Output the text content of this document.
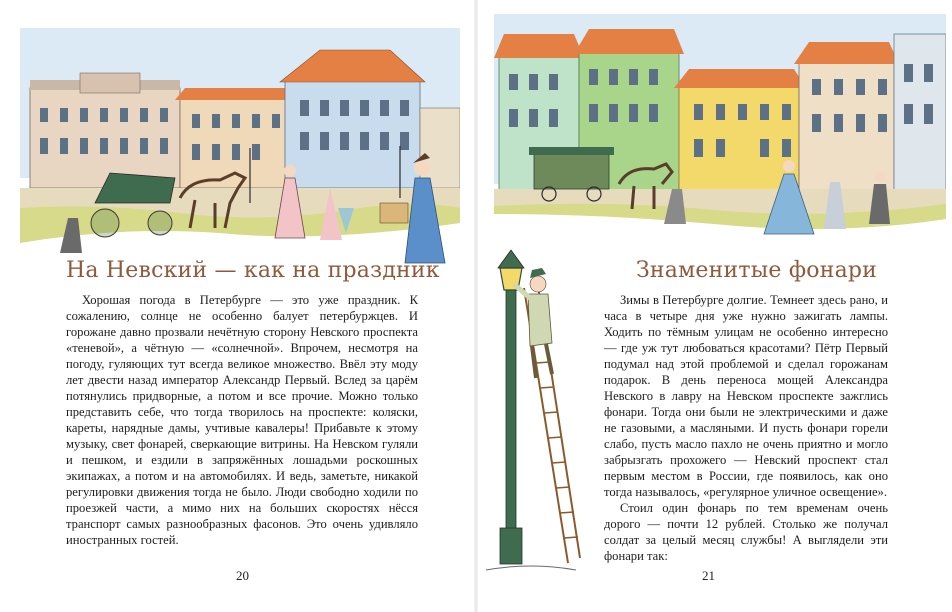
На Невский — как на праздник

Хорошая погода в Петербурге — это уже праздник. К сожалению, солнце не особенно балует петербуржцев. И горожане давно прозвали нечётную сторону Невского проспекта «теневой», а чётную — «солнечной». Впрочем, несмотря на погоду, гуляющих тут всегда великое множество. Ввёл эту моду лет двести назад император Александр Первый. Вслед за царём потянулись придворные, а потом и все прочие. Можно только представить себе, что тогда творилось на проспекте: коляски, кареты, нарядные дамы, учтивые кавалеры! Прибавьте к этому музыку, свет фонарей, сверкающие витрины. На Невском гуляли и пешком, и ездили в запряжённых лошадьми роскошных экипажах, а потом и на автомобилях. И ведь, заметьте, никакой регулировки движения тогда не было. Люди свободно ходили по проезжей части, а мимо них на больших скоростях нёсся транспорт самых разнообразных фасонов. Это очень удивляло иностранных гостей.

20
Знаменитые фонари

Зимы в Петербурге долгие. Темнеет здесь рано, и часа в четыре дня уже нужно зажигать лампы. Ходить по тёмным улицам не особенно интересно — где уж тут любоваться красотами? Пётр Первый подумал над этой проблемой и сделал горожанам подарок. В день переноса мощей Александра Невского в лавру на Невском проспекте зажглись фонари. Тогда они были не электрическими и даже не газовыми, а масляными. И пусть фонари горели слабо, пусть масло пахло не очень приятно и могло забрызгать прохожего — Невский проспект стал первым местом в России, где появилось, как оно тогда называлось, «регулярное уличное освещение».

Стоил один фонарь по тем временам очень дорого — почти 12 рублей. Столько же получал солдат за целый месяц службы! А выглядели эти фонари так:

21
